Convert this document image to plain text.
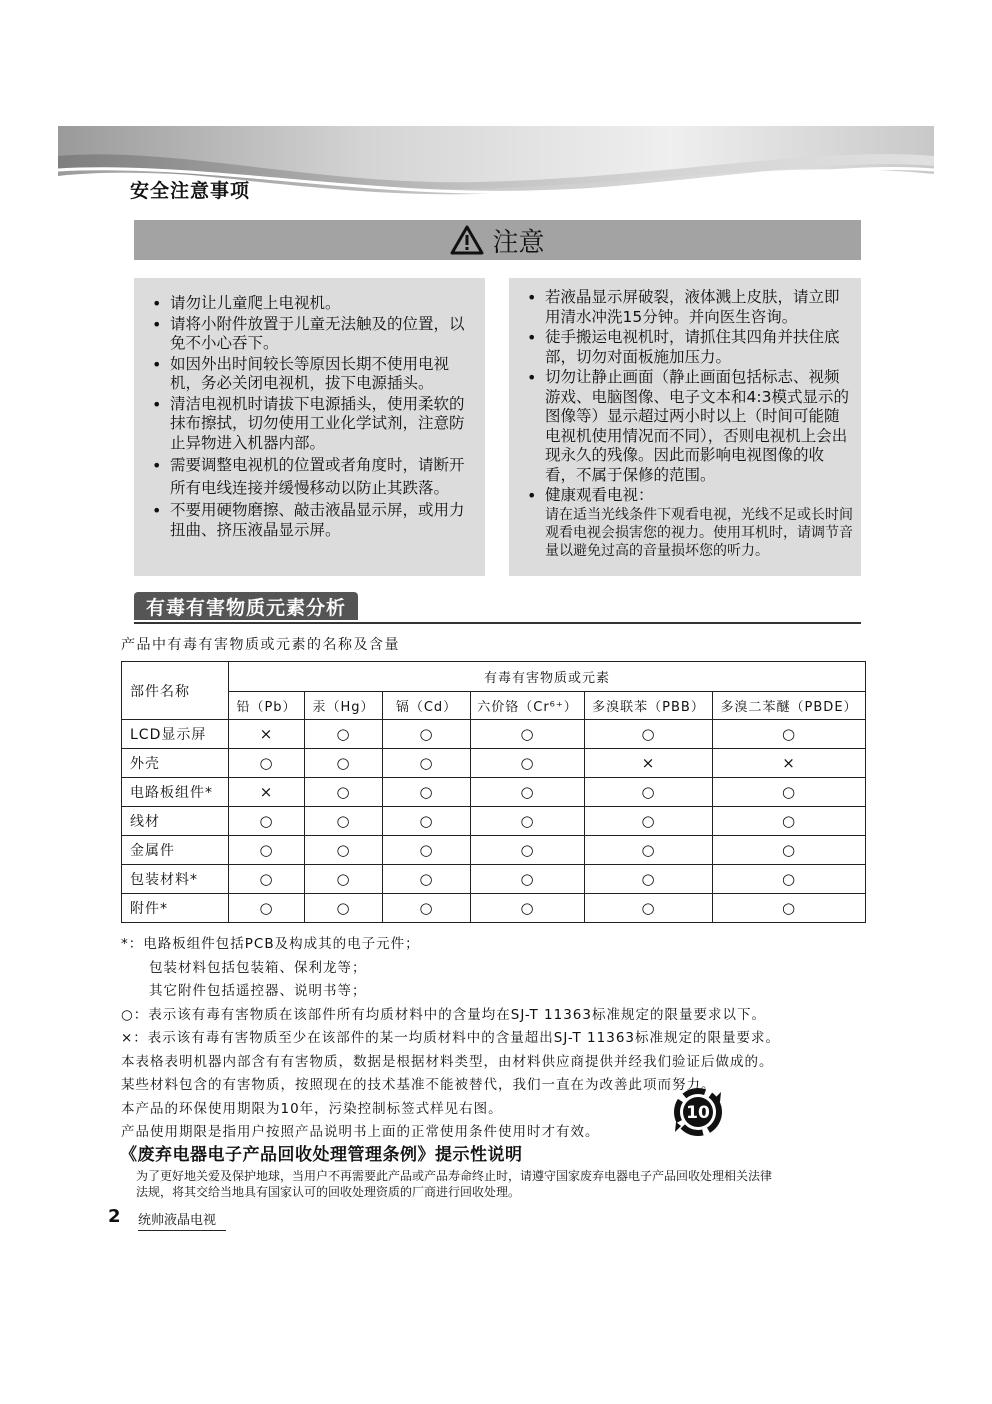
安全注意事项
注意
• 请勿让儿童爬上电视机。
• 请将小附件放置于儿童无法触及的位置，以免不小心吞下。
• 如因外出时间较长等原因长期不使用电视机，务必关闭电视机，拔下电源插头。
• 清洁电视机时请拔下电源插头，使用柔软的抹布擦拭，切勿使用工业化学试剂，注意防止异物进入机器内部。
• 需要调整电视机的位置或者角度时，请断开所有电线连接并缓慢移动以防止其跌落。
• 不要用硬物磨擦、敲击液晶显示屏，或用力扭曲、挤压液晶显示屏。
• 若液晶显示屏破裂，液体溅上皮肤，请立即用清水冲洗15分钟。并向医生咨询。
• 徒手搬运电视机时，请抓住其四角并扶住底部，切勿对面板施加压力。
• 切勿让静止画面（静止画面包括标志、视频游戏、电脑图像、电子文本和4:3模式显示的图像等）显示超过两小时以上（时间可能随电视机使用情况而不同），否则电视机上会出现永久的残像。因此而影响电视图像的收看，不属于保修的范围。
• 健康观看电视：
请在适当光线条件下观看电视，光线不足或长时间观看电视会损害您的视力。使用耳机时，请调节音量以避免过高的音量损坏您的听力。
有毒有害物质元素分析
产品中有毒有害物质或元素的名称及含量
部件名称	有毒有害物质或元素					
	铅（Pb）	汞（Hg）	镉（Cd）	六价铬（Cr⁶⁺）	多溴联苯（PBB）	多溴二苯醚（PBDE）
LCD显示屏	×	○	○	○	○	○
外壳	○	○	○	○	×	×
电路板组件*	×	○	○	○	○	○
线材	○	○	○	○	○	○
金属件	○	○	○	○	○	○
包装材料*	○	○	○	○	○	○
附件*	○	○	○	○	○	○

*：电路板组件包括PCB及构成其的电子元件；

包装材料包括包装箱、保利龙等；

其它附件包括遥控器、说明书等；

○：表示该有毒有害物质在该部件所有均质材料中的含量均在SJ-T 11363标准规定的限量要求以下。

×：表示该有毒有害物质至少在该部件的某一均质材料中的含量超出SJ-T 11363标准规定的限量要求。

本表格表明机器内部含有有害物质，数据是根据材料类型，由材料供应商提供并经我们验证后做成的。

某些材料包含的有害物质，按照现在的技术基准不能被替代，我们一直在为改善此项而努力。

本产品的环保使用期限为10年，污染控制标签式样见右图。

产品使用期限是指用户按照产品说明书上面的正常使用条件使用时才有效。

10
《废弃电器电子产品回收处理管理条例》提示性说明

为了更好地关爱及保护地球，当用户不再需要此产品或产品寿命终止时，请遵守国家废弃电器电子产品回收处理相关法律

法规，将其交给当地具有国家认可的回收处理资质的厂商进行回收处理。

2 统帅液晶电视
